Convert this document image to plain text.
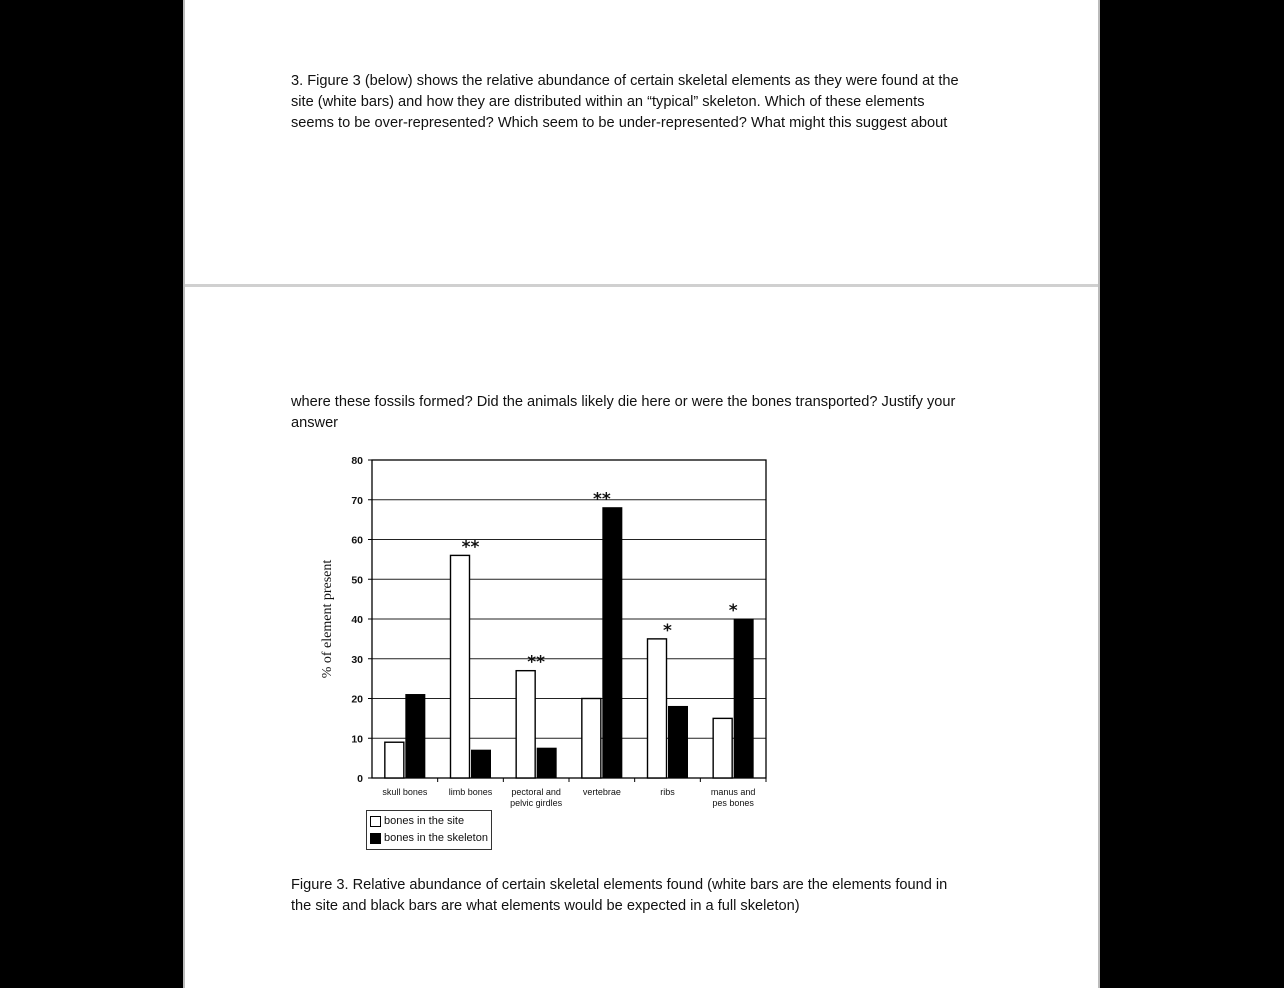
3. Figure 3 (below) shows the relative abundance of certain skeletal elements as they were found at the
site (white bars) and how they are distributed within an “typical” skeleton. Which of these elements
seems to be over-represented? Which seem to be under-represented? What might this suggest about
where these fossils formed? Did the animals likely die here or were the bones transported? Justify your
answer
0
10
20
30
40
50
60
70
80
% of element present
skull bones limb bones
**
pectoral and
pelvic girdles
**
vertebrae
**
ribs
*
manus and
pes bones
*
bones in the site
bones in the skeleton
Figure 3. Relative abundance of certain skeletal elements found (white bars are the elements found in
the site and black bars are what elements would be expected in a full skeleton)
